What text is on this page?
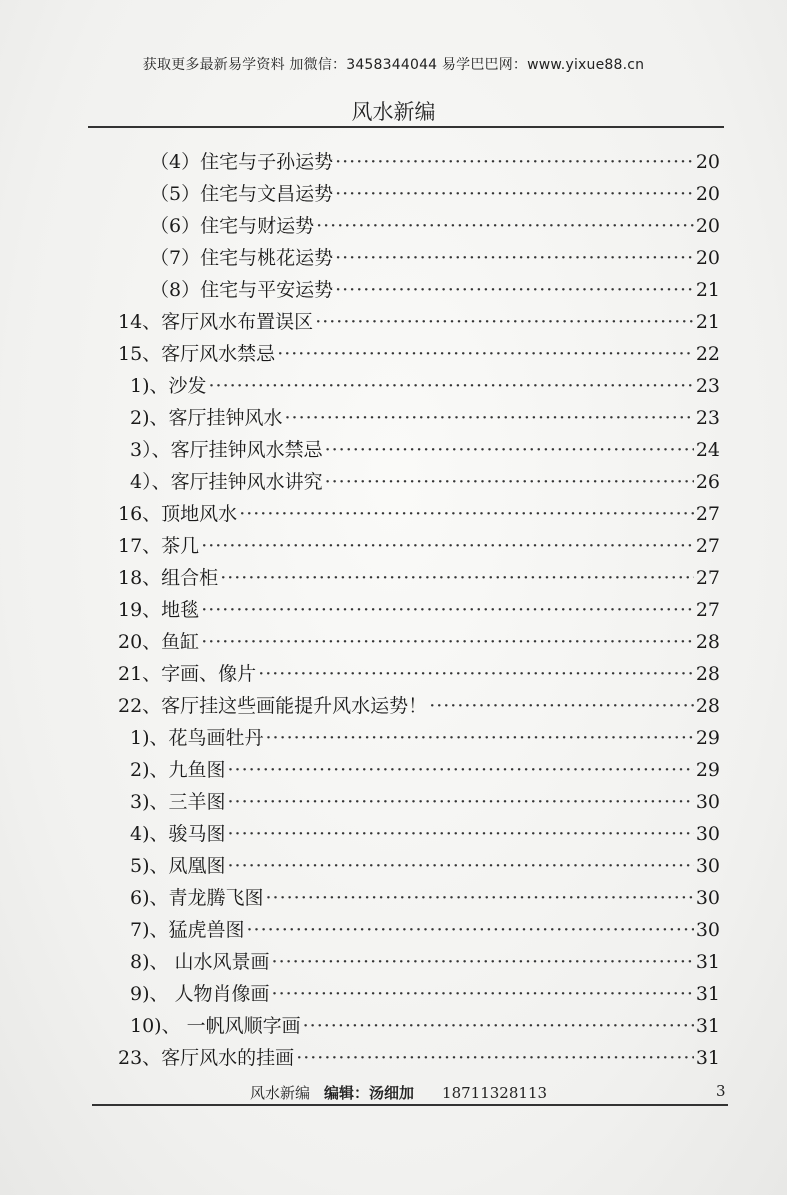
获取更多最新易学资料 加微信：3458344044 易学巴巴网：www.yixue88.cn
风水新编
（4）住宅与子孙运势 ·····	20
（5）住宅与文昌运势 ·····	20
（6）住宅与财运势 ·····	20
（7）住宅与桃花运势 ·····	20
（8）住宅与平安运势 ·····	21
14、客厅风水布置误区 ·····	21
15、客厅风水禁忌 ·····	22
1)、沙发 ·····	23
2)、客厅挂钟风水 ·····	23
3）、客厅挂钟风水禁忌 ·····	24
4）、客厅挂钟风水讲究 ·····	26
16、顶地风水 ·····	27
17、茶几 ·····	27
18、组合柜 ·····	27
19、地毯 ·····	27
20、鱼缸 ·····	28
21、字画、像片 ·····	28
22、客厅挂这些画能提升风水运势！ ·····	28
1)、花鸟画牡丹 ·····	29
2)、九鱼图 ·····	29
3)、三羊图 ·····	30
4)、骏马图 ·····	30
5)、凤凰图 ·····	30
6)、青龙腾飞图 ·····	30
7)、猛虎兽图 ·····	30
8)、 山水风景画 ·····	31
9)、 人物肖像画 ·····	31
10)、 一帆风顺字画 ·····	31
23、客厅风水的挂画 ·····	31
风水新编 编辑：汤细加 18711328113	3
